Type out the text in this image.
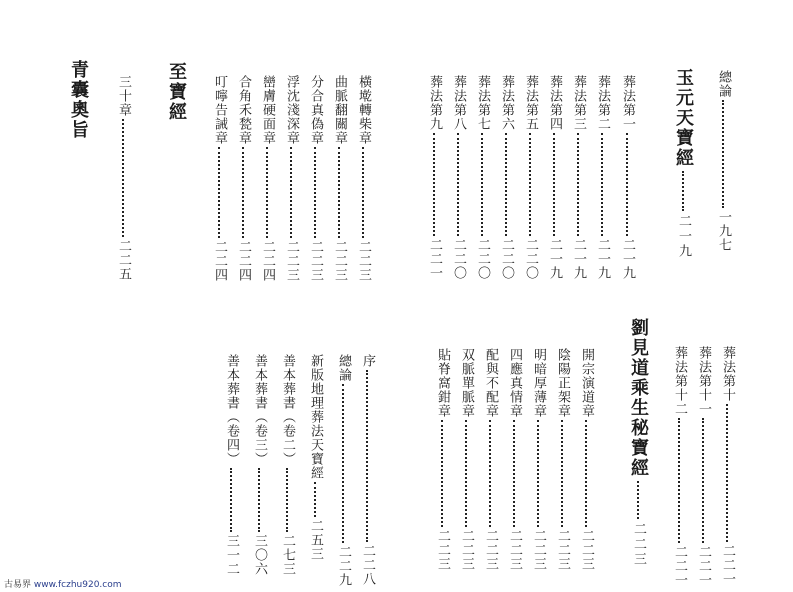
總論一九七
玉元天寶經二一九
葬法第一二一九
葬法第二二一九
葬法第三二一九
葬法第四二一九
葬法第五二二〇
葬法第六二二〇
葬法第七二二〇
葬法第八二二〇
葬法第九二二一
橫墘轉柴章二二三
曲脈翻關章二二三
分合真偽章二二三
浮沈淺深章二二三
巒膚硬面章二二四
合角禾甃章二二四
叮嚀告誡章二二四
至寶經
三十章二二五
青囊奧旨
葬法第十二二一
葬法第十一二二一
葬法第十二二二一
劉見道乘生秘寶經二二三
開宗演道章二二三
陰陽正架章二二三
明暗厚薄章二二三
四應真情章二二三
配與不配章二二三
双脈單脈章二二三
貼脊窩鉗章二二三
序二二八
總論二二九
新版地理葬法天寶經二五三
善本葬書（卷二）二七三
善本葬書（卷三）三〇六
善本葬書（卷四）三一二
古易界 www.fczhu920.com
